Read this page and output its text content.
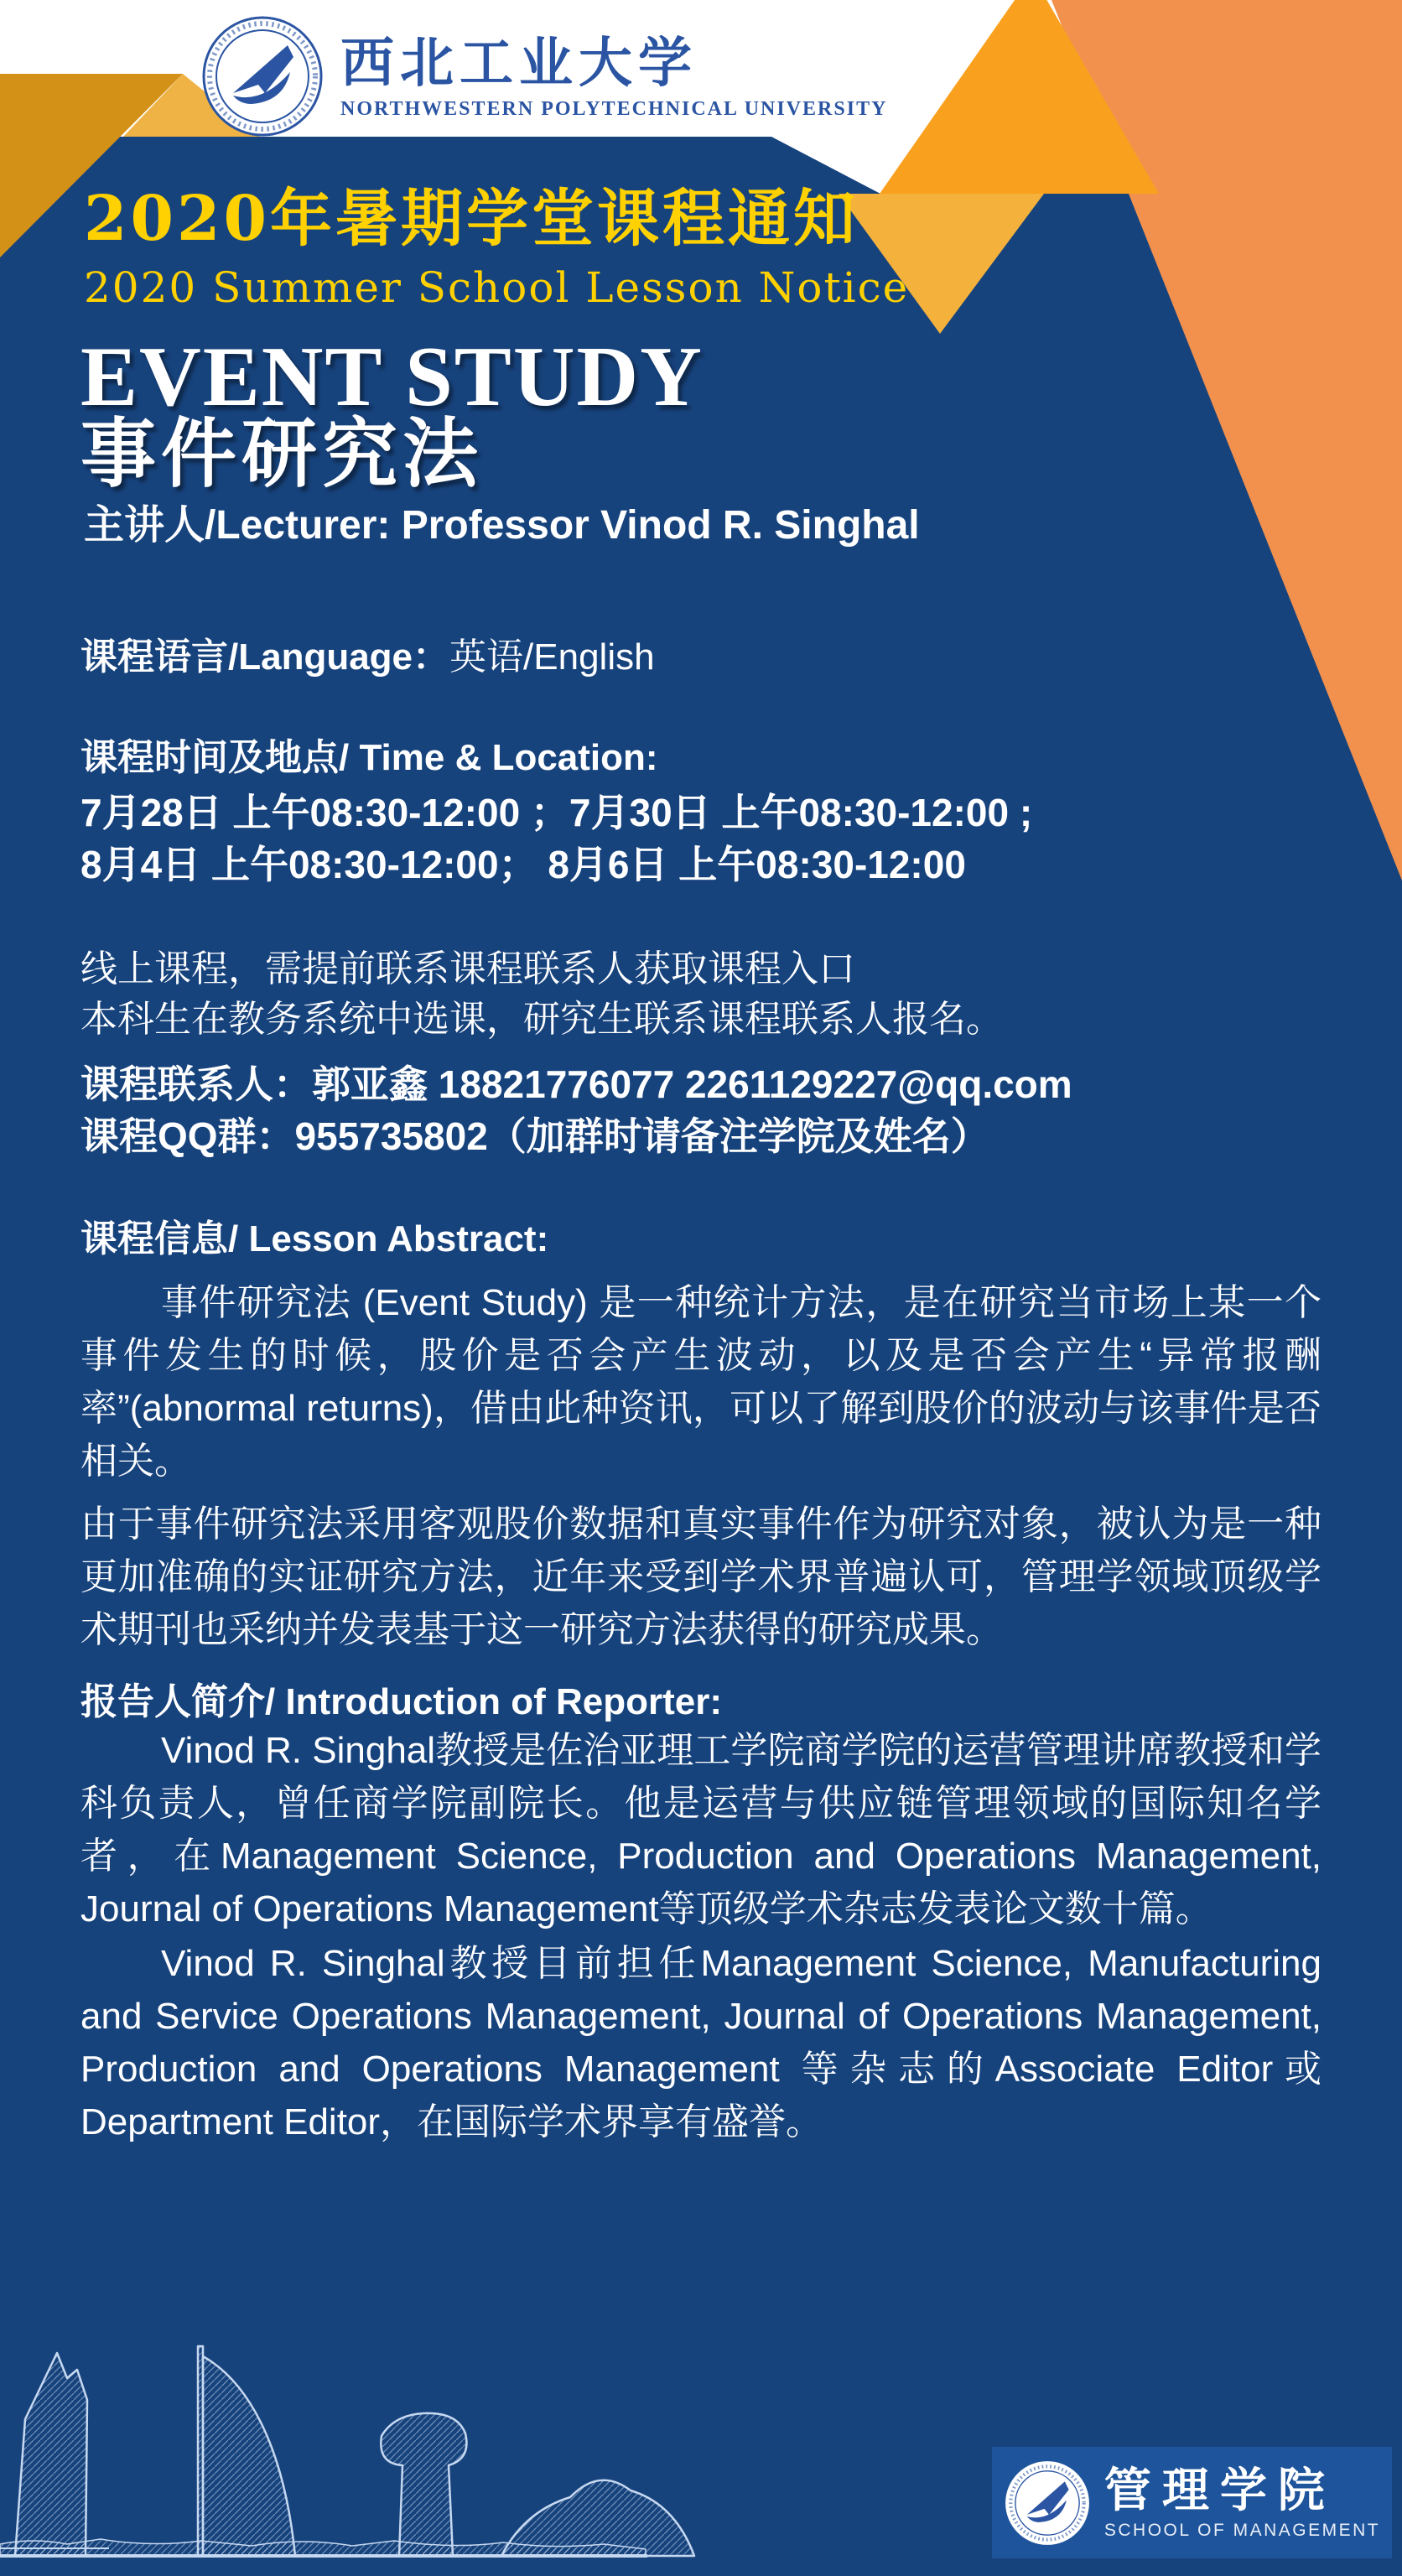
西北工业大学
NORTHWESTERN POLYTECHNICAL UNIVERSITY
2020年暑期学堂课程通知
2020 Summer School Lesson Notice
EVENT STUDY
事件研究法
主讲人/Lecturer: Professor Vinod R. Singhal
课程语言/Language：英语/English
课程时间及地点/ Time & Location:
7月28日 上午08:30-12:00 ；7月30日 上午08:30-12:00 ;
8月4日 上午08:30-12:00； 8月6日 上午08:30-12:00
线上课程，需提前联系课程联系人获取课程入口
本科生在教务系统中选课，研究生联系课程联系人报名。
课程联系人：郭亚鑫 18821776077 2261129227@qq.com
课程QQ群：955735802（加群时请备注学院及姓名）
课程信息/ Lesson Abstract:
事件研究法 (Event Study) 是一种统计方法，是在研究当市场上某一个事件发生的时候，股价是否会产生波动，以及是否会产生“异常报酬率”(abnormal returns)，借由此种资讯，可以了解到股价的波动与该事件是否相关。
由于事件研究法采用客观股价数据和真实事件作为研究对象，被认为是一种更加准确的实证研究方法，近年来受到学术界普遍认可，管理学领域顶级学术期刊也采纳并发表基于这一研究方法获得的研究成果。
报告人简介/ Introduction of Reporter:
Vinod R. Singhal教授是佐治亚理工学院商学院的运营管理讲席教授和学科负责人，曾任商学院副院长。他是运营与供应链管理领域的国际知名学者，在Management Science, Production and Operations Management, Journal of Operations Management等顶级学术杂志发表论文数十篇。
Vinod R. Singhal教授目前担任Management Science, Manufacturing and Service Operations Management, Journal of Operations Management, Production and Operations Management 等杂志的Associate Editor或Department Editor，在国际学术界享有盛誉。
管理学院
SCHOOL OF MANAGEMENT
